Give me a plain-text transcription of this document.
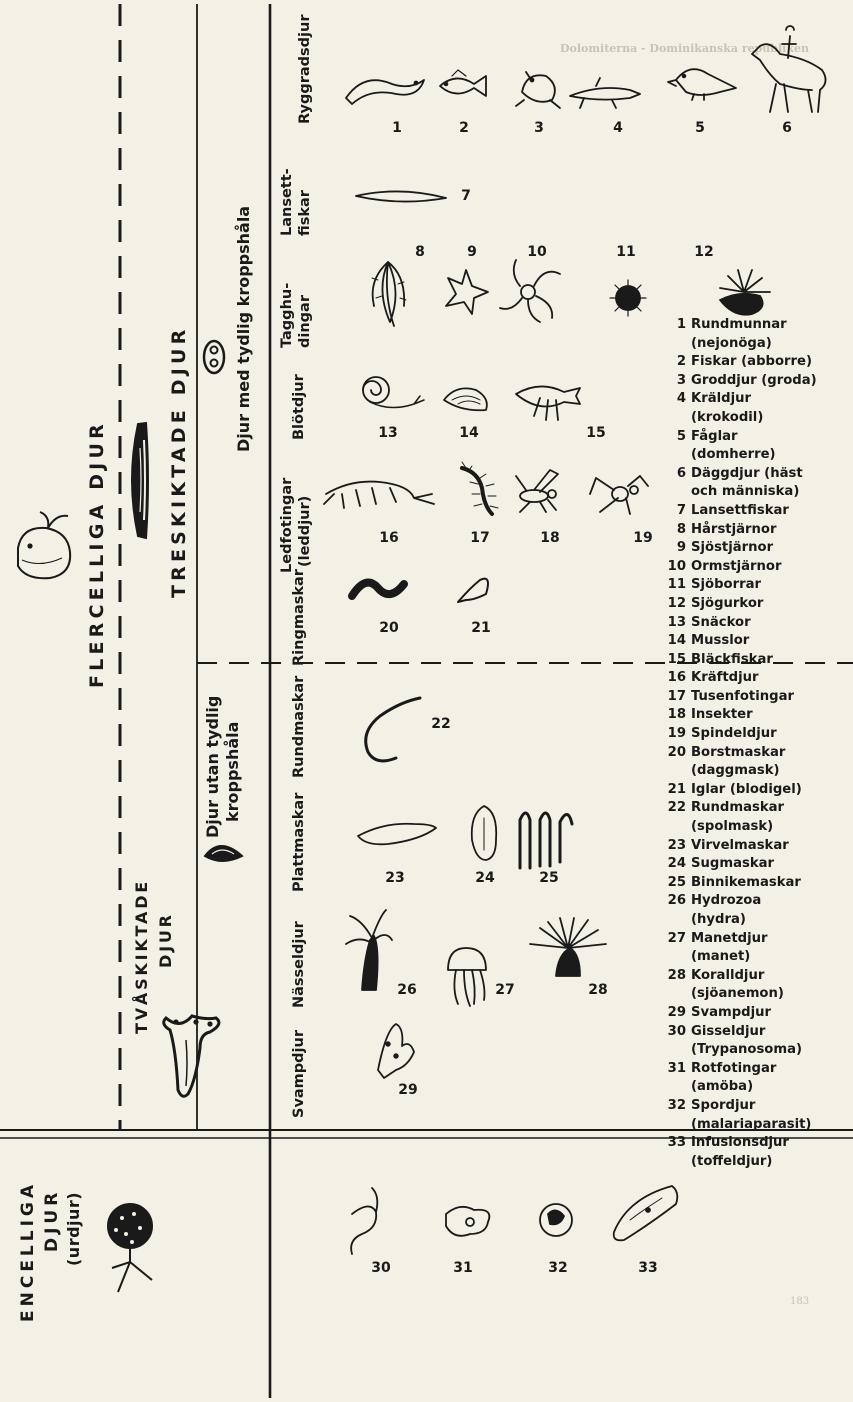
Dolomiterna - Dominikanska republiken
183
FLERCELLIGA DJUR	TRESKIKTADE DJUR
TVÅSKIKTADE DJUR
ENCELLIGA DJUR (urdjur)
Djur med tydlig kroppshåla
Djur utan tydlig kroppshåla
Ryggradsdjur
Lansett- fiskar
Tagghu- dingar
Blötdjur
Ledfotingar (leddjur)
Ringmaskar
Rundmaskar
Plattmaskar
Nässeldjur
Svampdjur
1	2	3	4	5	6
7
8	9	10	11	12
13	14	15
16	17	18	19
20	21
22
23	24	25
26	27	28
29
30	31	32	33
1 Rundmunnar
(nejonöga)
2 Fiskar (abborre)
3 Groddjur (groda)
4 Kräldjur
(krokodil)
5 Fåglar
(domherre)
6 Däggdjur (häst
och människa)
7 Lansettfiskar
8 Hårstjärnor
9 Sjöstjärnor
10 Ormstjärnor
11 Sjöborrar
12 Sjögurkor
13 Snäckor
14 Musslor
15 Bläckfiskar
16 Kräftdjur
17 Tusenfotingar
18 Insekter
19 Spindeldjur
20 Borstmaskar
(daggmask)
21 Iglar (blodigel)
22 Rundmaskar
(spolmask)
23 Virvelmaskar
24 Sugmaskar
25 Binnikemaskar
26 Hydrozoa
(hydra)
27 Manetdjur
(manet)
28 Koralldjur
(sjöanemon)
29 Svampdjur
30 Gisseldjur
(Trypanosoma)
31 Rotfotingar
(amöba)
32 Spordjur
(malariaparasit)
33 Infusionsdjur
(toffeldjur)
